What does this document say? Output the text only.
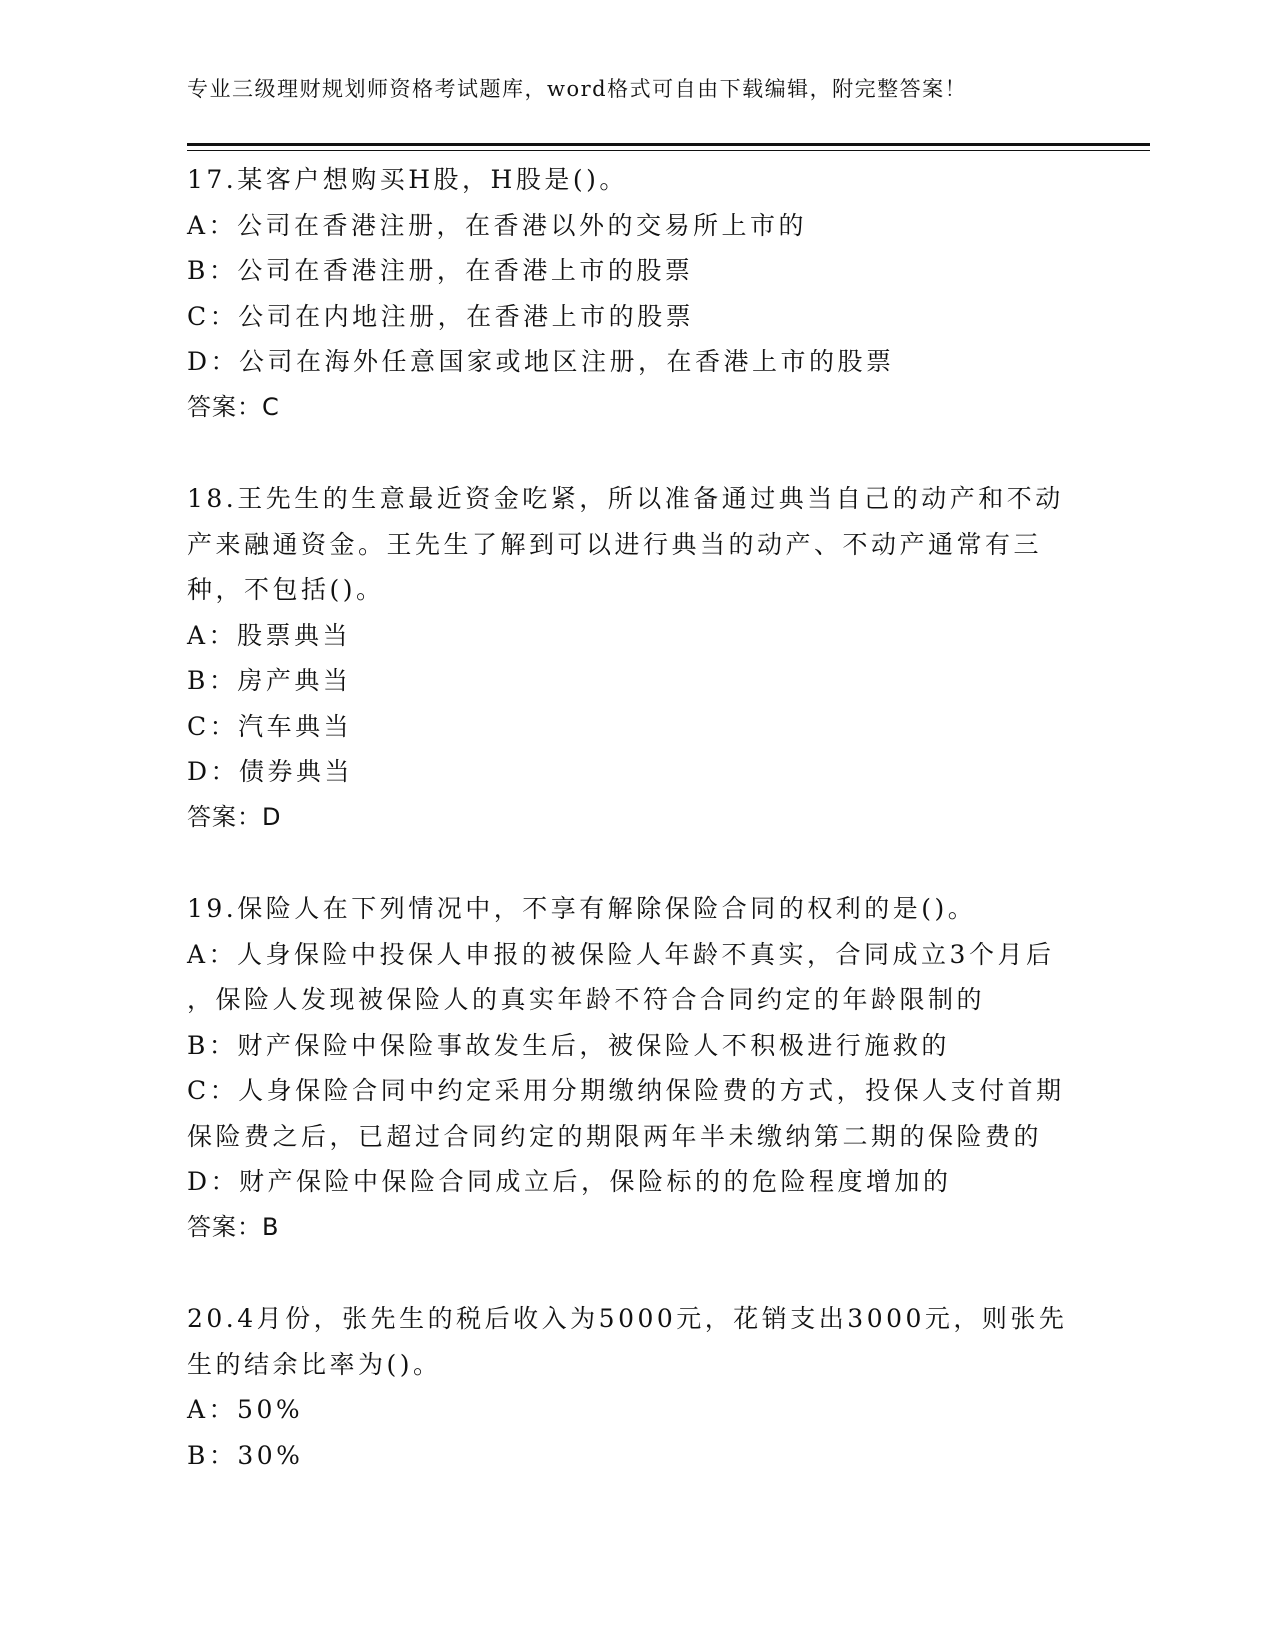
专业三级理财规划师资格考试题库，word格式可自由下载编辑，附完整答案！
17.某客户想购买H股，H股是()。
A：公司在香港注册，在香港以外的交易所上市的
B：公司在香港注册，在香港上市的股票
C：公司在内地注册，在香港上市的股票
D：公司在海外任意国家或地区注册，在香港上市的股票
答案：C
18.王先生的生意最近资金吃紧，所以准备通过典当自己的动产和不动
产来融通资金。王先生了解到可以进行典当的动产、不动产通常有三
种，不包括()。
A：股票典当
B：房产典当
C：汽车典当
D：债券典当
答案：D
19.保险人在下列情况中，不享有解除保险合同的权利的是()。
A：人身保险中投保人申报的被保险人年龄不真实，合同成立3个月后
，保险人发现被保险人的真实年龄不符合合同约定的年龄限制的
B：财产保险中保险事故发生后，被保险人不积极进行施救的
C：人身保险合同中约定采用分期缴纳保险费的方式，投保人支付首期
保险费之后，已超过合同约定的期限两年半未缴纳第二期的保险费的
D：财产保险中保险合同成立后，保险标的的危险程度增加的
答案：B
20.4月份，张先生的税后收入为5000元，花销支出3000元，则张先
生的结余比率为()。
A：50%
B：30%
